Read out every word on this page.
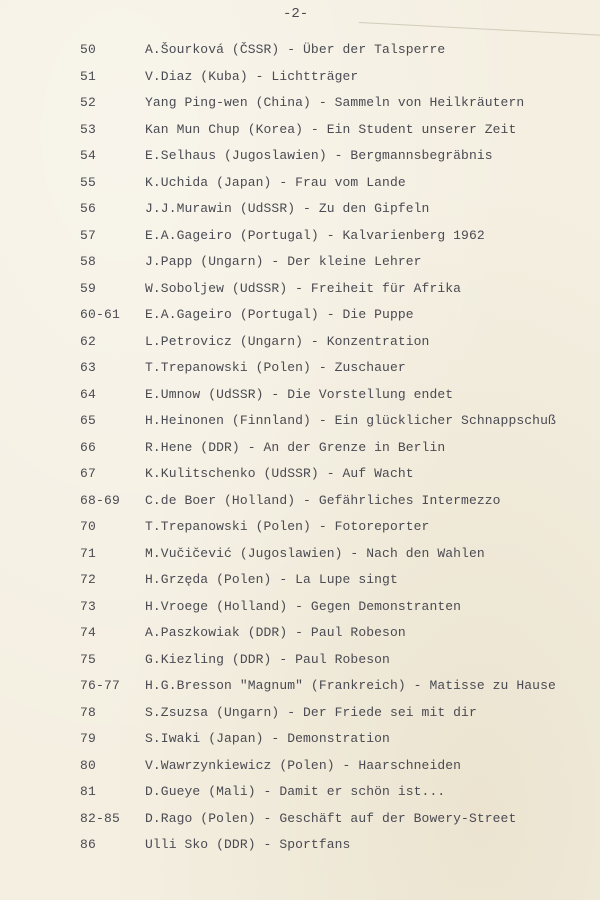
-2-
50	A.Šourková (ČSSR) - Über der Talsperre
51	V.Diaz (Kuba) - Lichtträger
52	Yang Ping-wen (China) - Sammeln von Heilkräutern
53	Kan Mun Chup (Korea) - Ein Student unserer Zeit
54	E.Selhaus (Jugoslawien) - Bergmannsbegräbnis
55	K.Uchida (Japan) - Frau vom Lande
56	J.J.Murawin (UdSSR) - Zu den Gipfeln
57	E.A.Gageiro (Portugal) - Kalvarienberg 1962
58	J.Papp (Ungarn) - Der kleine Lehrer
59	W.Soboljew (UdSSR) - Freiheit für Afrika
60-61 E.A.Gageiro (Portugal) - Die Puppe
62	L.Petrovicz (Ungarn) - Konzentration
63	T.Trepanowski (Polen) - Zuschauer
64	E.Umnow (UdSSR) - Die Vorstellung endet
65	H.Heinonen (Finnland) - Ein glücklicher Schnappschuß
66	R.Hene (DDR) - An der Grenze in Berlin
67	K.Kulitschenko (UdSSR) - Auf Wacht
68-69 C.de Boer (Holland) - Gefährliches Intermezzo
70	T.Trepanowski (Polen) - Fotoreporter
71	M.Vučičević (Jugoslawien) - Nach den Wahlen
72	H.Grzęda (Polen) - La Lupe singt
73	H.Vroege (Holland) - Gegen Demonstranten
74	A.Paszkowiak (DDR) - Paul Robeson
75	G.Kiezling (DDR) - Paul Robeson
76-77 H.G.Bresson "Magnum" (Frankreich) - Matisse zu Hause
78	S.Zsuzsa (Ungarn) - Der Friede sei mit dir
79	S.Iwaki (Japan) - Demonstration
80	V.Wawrzynkiewicz (Polen) - Haarschneiden
81	D.Gueye (Mali) - Damit er schön ist...
82-85 D.Rago (Polen) - Geschäft auf der Bowery-Street
86	Ulli Sko (DDR) - Sportfans
